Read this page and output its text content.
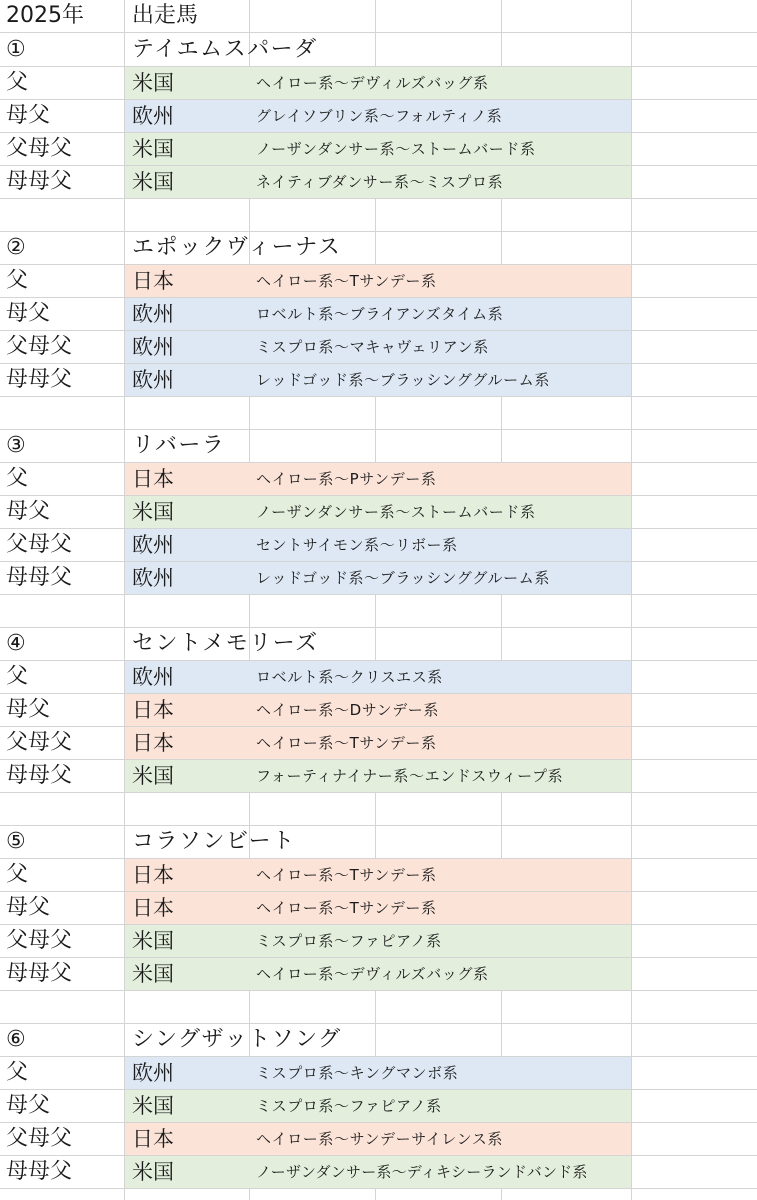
2025年 出走馬
①	テイエムスパーダ
父	米国	ヘイロー系～デヴィルズバッグ系
母父	欧州	グレイソブリン系～フォルティノ系
父母父	米国	ノーザンダンサー系～ストームバード系
母母父	米国	ネイティブダンサー系～ミスプロ系
②	エポックヴィーナス
父	日本	ヘイロー系～Tサンデー系
母父	欧州	ロベルト系～ブライアンズタイム系
父母父	欧州	ミスプロ系～マキャヴェリアン系
母母父	欧州	レッドゴッド系～ブラッシンググルーム系
③	リバーラ
父	日本	ヘイロー系～Pサンデー系
母父	米国	ノーザンダンサー系～ストームバード系
父母父	欧州	セントサイモン系～リボー系
母母父	欧州	レッドゴッド系～ブラッシンググルーム系
④	セントメモリーズ
父	欧州	ロベルト系～クリスエス系
母父	日本	ヘイロー系～Dサンデー系
父母父	日本	ヘイロー系～Tサンデー系
母母父	米国	フォーティナイナー系～エンドスウィープ系
⑤	コラソンビート
父	日本	ヘイロー系～Tサンデー系
母父	日本	ヘイロー系～Tサンデー系
父母父	米国	ミスプロ系～ファピアノ系
母母父	米国	ヘイロー系～デヴィルズバッグ系
⑥	シングザットソング
父	欧州	ミスプロ系～キングマンボ系
母父	米国	ミスプロ系～ファピアノ系
父母父	日本	ヘイロー系～サンデーサイレンス系
母母父	米国	ノーザンダンサー系～ディキシーランドバンド系
